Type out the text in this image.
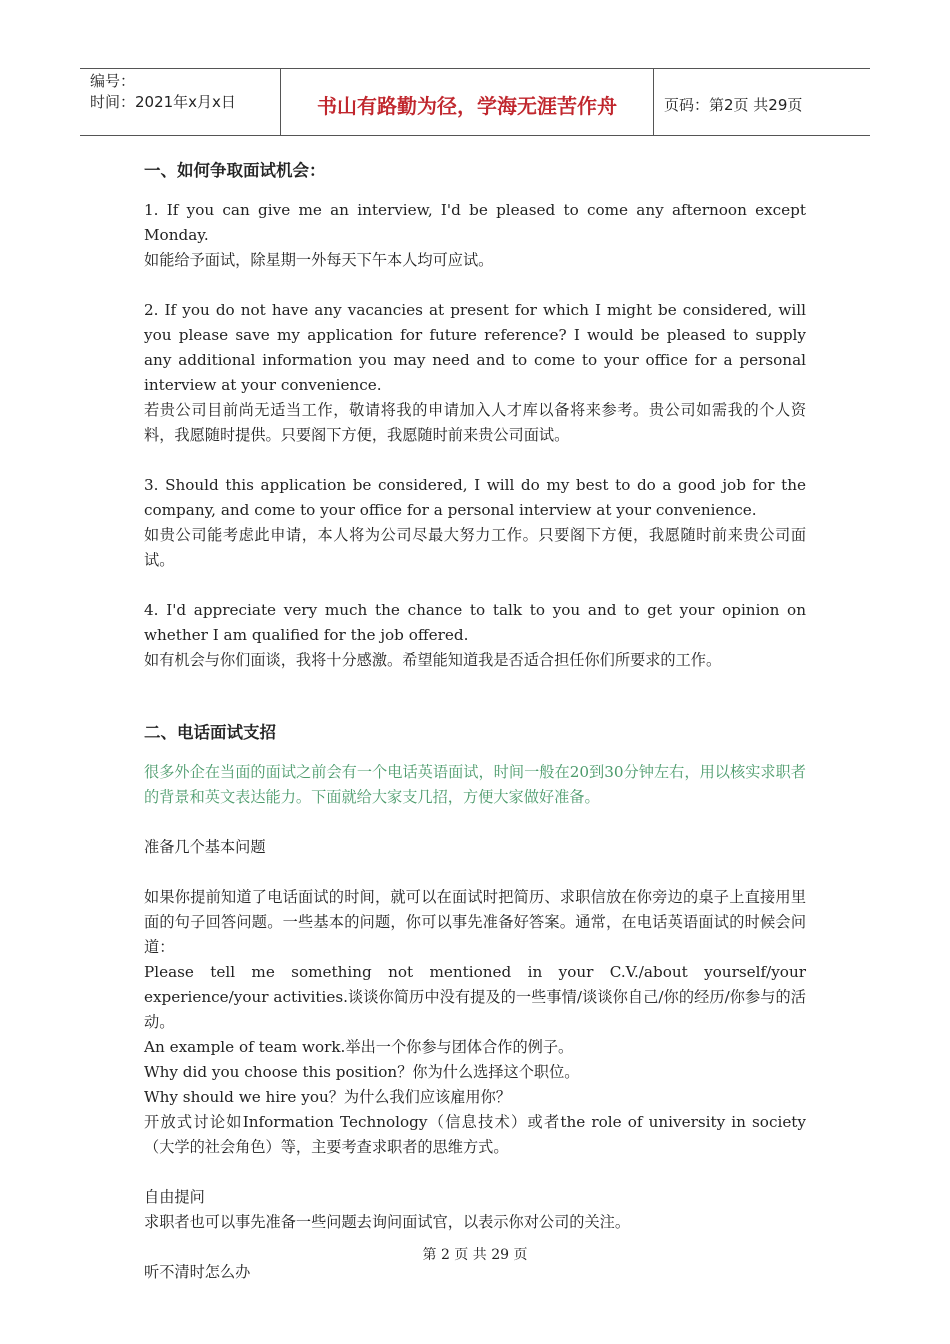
编号：
时间：2021年x月x日	书山有路勤为径，学海无涯苦作舟	页码：第2页 共29页

一、如何争取面试机会：

1. If you can give me an interview, I'd be pleased to come any afternoon except Monday.

如能给予面试，除星期一外每天下午本人均可应试。

2. If you do not have any vacancies at present for which I might be considered, will you please save my application for future reference? I would be pleased to supply any additional information you may need and to come to your office for a personal interview at your convenience.

若贵公司目前尚无适当工作，敬请将我的申请加入人才库以备将来参考。贵公司如需我的个人资料，我愿随时提供。只要阁下方便，我愿随时前来贵公司面试。

3. Should this application be considered, I will do my best to do a good job for the company, and come to your office for a personal interview at your convenience.

如贵公司能考虑此申请，本人将为公司尽最大努力工作。只要阁下方便，我愿随时前来贵公司面试。

4. I'd appreciate very much the chance to talk to you and to get your opinion on whether I am qualified for the job offered.

如有机会与你们面谈，我将十分感激。希望能知道我是否适合担任你们所要求的工作。

二、电话面试支招

很多外企在当面的面试之前会有一个电话英语面试，时间一般在20到30分钟左右，用以核实求职者的背景和英文表达能力。下面就给大家支几招，方便大家做好准备。

准备几个基本问题

如果你提前知道了电话面试的时间，就可以在面试时把简历、求职信放在你旁边的桌子上直接用里面的句子回答问题。一些基本的问题，你可以事先准备好答案。通常，在电话英语面试的时候会问道：

Please tell me something not mentioned in your C.V./about yourself/your experience/your activities.谈谈你简历中没有提及的一些事情/谈谈你自己/你的经历/你参与的活动。

An example of team work.举出一个你参与团体合作的例子。

Why did you choose this position？你为什么选择这个职位。

Why should we hire you？为什么我们应该雇用你？

开放式讨论如Information Technology（信息技术）或者the role of university in society（大学的社会角色）等，主要考查求职者的思维方式。

自由提问

求职者也可以事先准备一些问题去询问面试官，以表示你对公司的关注。

听不清时怎么办

第 2 页 共 29 页
